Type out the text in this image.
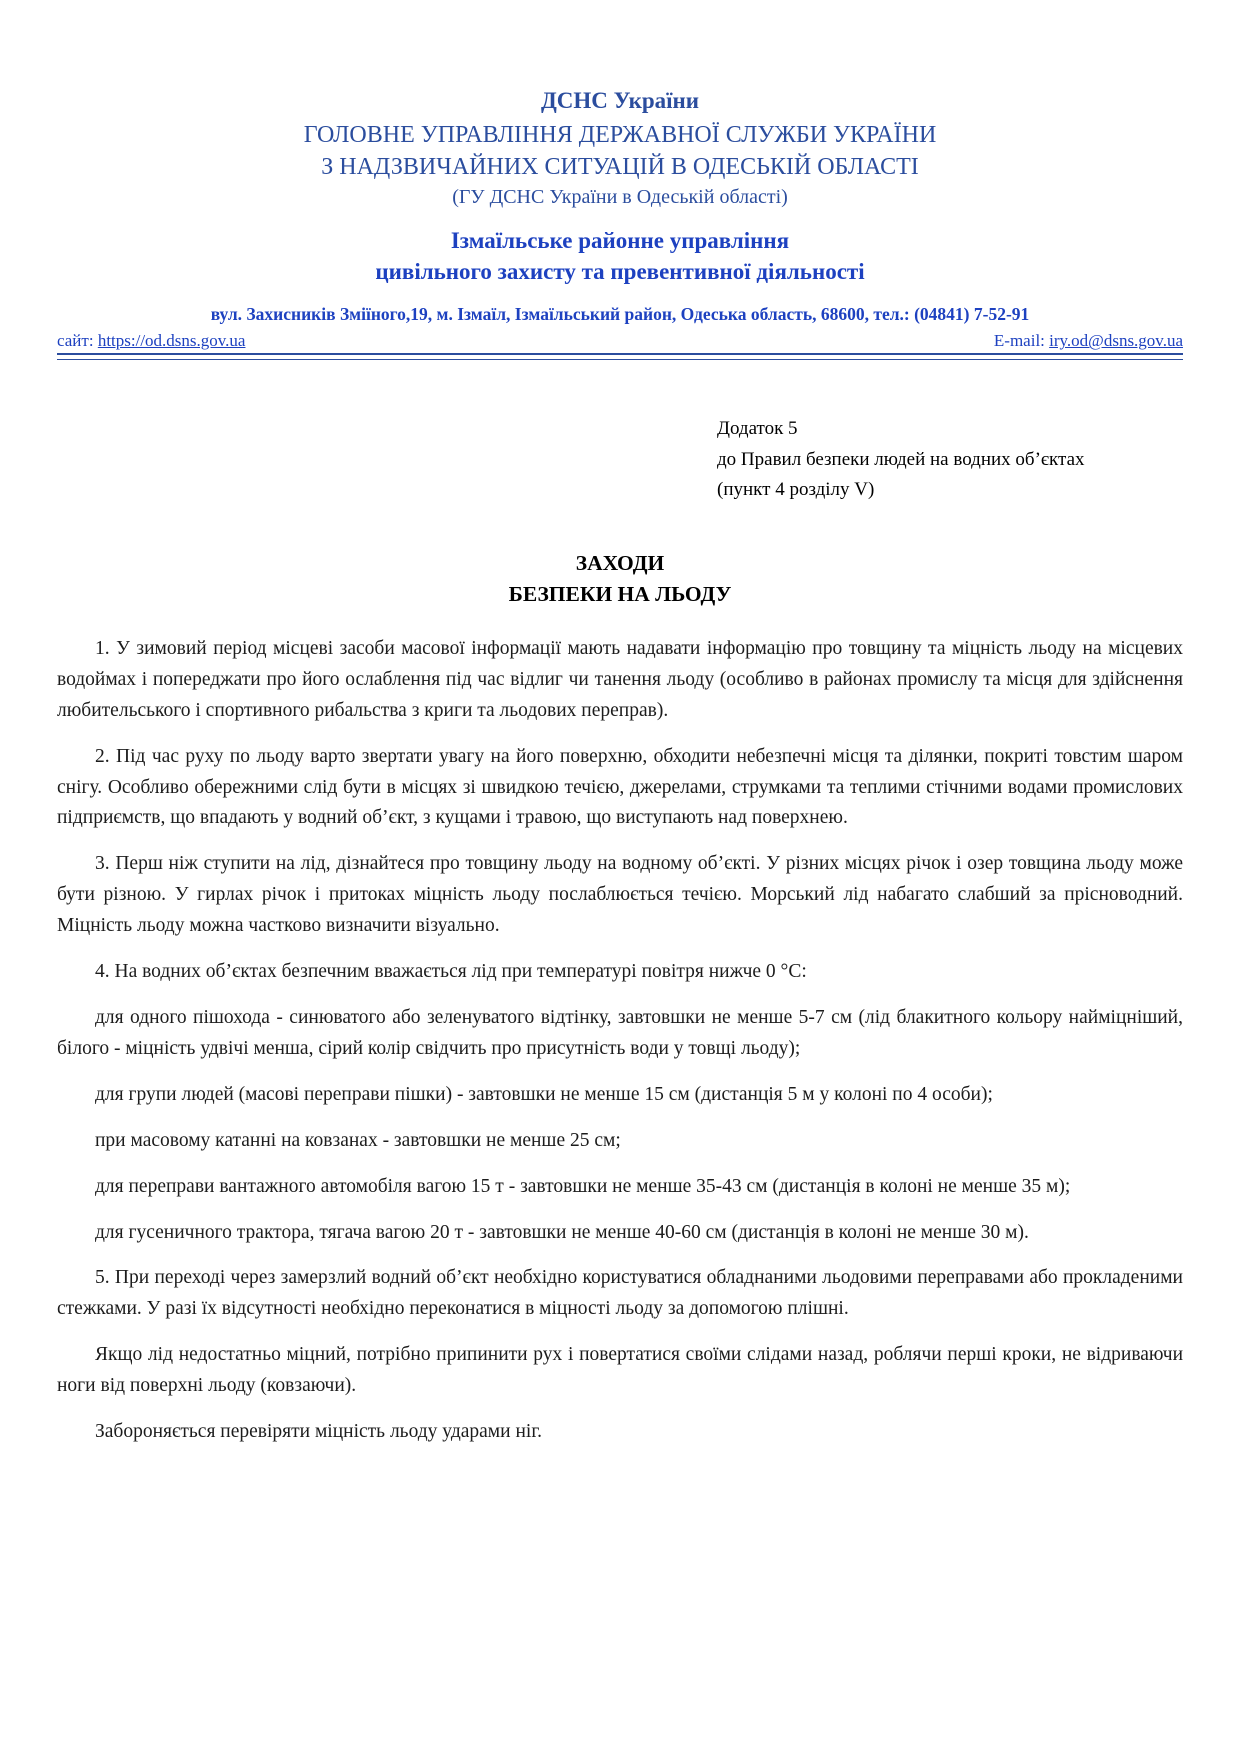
ДСНС України
ГОЛОВНЕ УПРАВЛІННЯ ДЕРЖАВНОЇ СЛУЖБИ УКРАЇНИ
З НАДЗВИЧАЙНИХ СИТУАЦІЙ В ОДЕСЬКІЙ ОБЛАСТІ
(ГУ ДСНС України в Одеській області)
Ізмаїльське районне управління
цивільного захисту та превентивної діяльності
вул. Захисників Зміїного,19, м. Ізмаїл, Ізмаїльський район, Одеська область, 68600, тел.: (04841) 7-52-91
сайт: https://od.dsns.gov.ua	E-mail: iry.od@dsns.gov.ua
Додаток 5
до Правил безпеки людей на водних об’єктах
(пункт 4 розділу V)
ЗАХОДИ
БЕЗПЕКИ НА ЛЬОДУ

1. У зимовий період місцеві засоби масової інформації мають надавати інформацію про товщину та міцність льоду на місцевих водоймах і попереджати про його ослаблення під час відлиг чи танення льоду (особливо в районах промислу та місця для здійснення любительського і спортивного рибальства з криги та льодових переправ).

2. Під час руху по льоду варто звертати увагу на його поверхню, обходити небезпечні місця та ділянки, покриті товстим шаром снігу. Особливо обережними слід бути в місцях зі швидкою течією, джерелами, струмками та теплими стічними водами промислових підприємств, що впадають у водний об’єкт, з кущами і травою, що виступають над поверхнею.

3. Перш ніж ступити на лід, дізнайтеся про товщину льоду на водному об’єкті. У різних місцях річок і озер товщина льоду може бути різною. У гирлах річок і притоках міцність льоду послаблюється течією. Морський лід набагато слабший за прісноводний. Міцність льоду можна частково визначити візуально.

4. На водних об’єктах безпечним вважається лід при температурі повітря нижче 0 °С:

для одного пішохода - синюватого або зеленуватого відтінку, завтовшки не менше 5-7 см (лід блакитного кольору найміцніший, білого - міцність удвічі менша, сірий колір свідчить про присутність води у товщі льоду);

для групи людей (масові переправи пішки) - завтовшки не менше 15 см (дистанція 5 м у колоні по 4 особи);

при масовому катанні на ковзанах - завтовшки не менше 25 см;

для переправи вантажного автомобіля вагою 15 т - завтовшки не менше 35-43 см (дистанція в колоні не менше 35 м);

для гусеничного трактора, тягача вагою 20 т - завтовшки не менше 40-60 см (дистанція в колоні не менше 30 м).

5. При переході через замерзлий водний об’єкт необхідно користуватися обладнаними льодовими переправами або прокладеними стежками. У разі їх відсутності необхідно переконатися в міцності льоду за допомогою плішні.

Якщо лід недостатньо міцний, потрібно припинити рух і повертатися своїми слідами назад, роблячи перші кроки, не відриваючи ноги від поверхні льоду (ковзаючи).

Забороняється перевіряти міцність льоду ударами ніг.
